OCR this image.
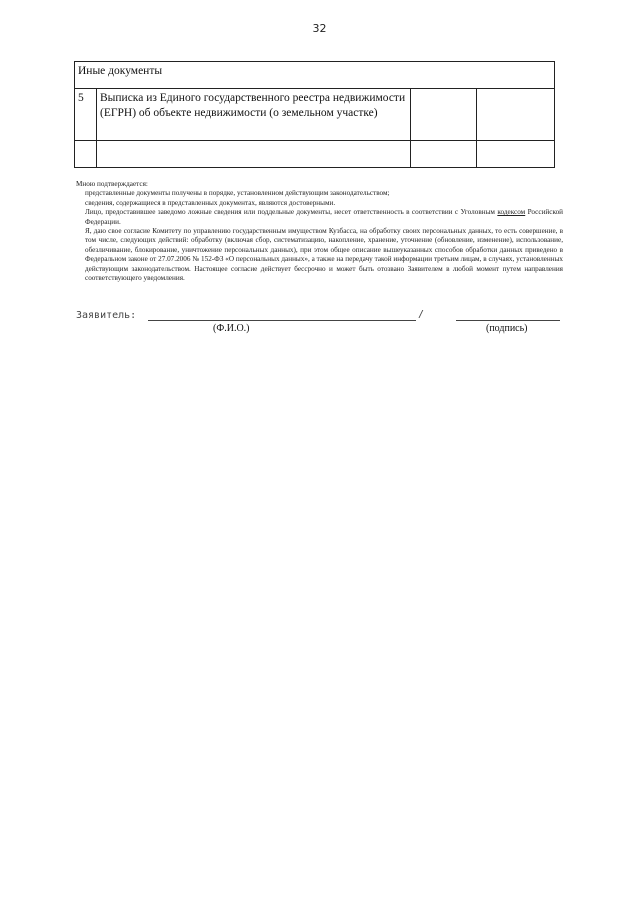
32
Иные документы			
5	Выписка из Единого государственного реестра недвижимости (ЕГРН) об объекте недвижимости (о земельном участке)		

Мною подтверждается:

представленные документы получены в порядке, установленном действующим законодательством;

сведения, содержащиеся в представленных документах, являются достоверными.

Лицо, предоставившее заведомо ложные сведения или поддельные документы, несет ответственность в соответствии с Уголовным кодексом Российской Федерации.

Я, даю свое согласие Комитету по управлению государственным имуществом Кузбасса, на обработку своих персональных данных, то есть совершение, в том числе, следующих действий: обработку (включая сбор, систематизацию, накопление, хранение, уточнение (обновление, изменение), использование, обезличивание, блокирование, уничтожение персональных данных), при этом общее описание вышеуказанных способов обработки данных приведено в Федеральном законе от 27.07.2006 № 152-ФЗ «О персональных данных», а также на передачу такой информации третьим лицам, в случаях, установленных действующим законодательством. Настоящее согласие действует бессрочно и может быть отозвано Заявителем в любой момент путем направления соответствующего уведомления.

Заявитель:	/
(Ф.И.О.)	(подпись)
